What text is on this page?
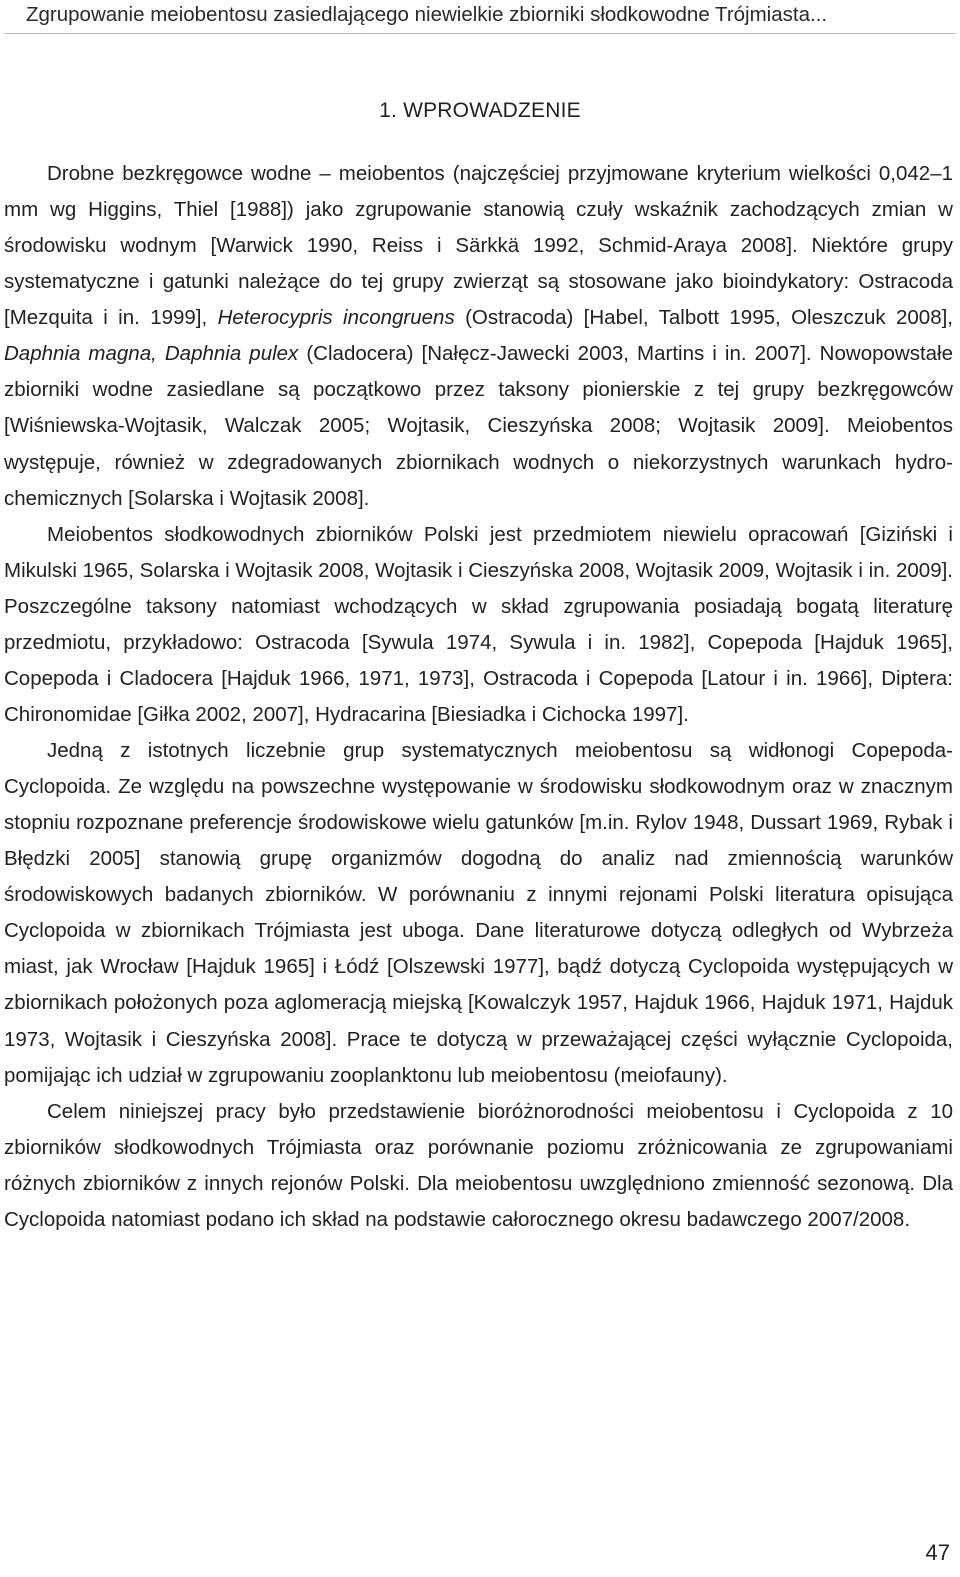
Zgrupowanie meiobentosu zasiedlającego niewielkie zbiorniki słodkowodne Trójmiasta...
1. WPROWADZENIE

Drobne bezkręgowce wodne – meiobentos (najczęściej przyjmowane kryterium wielkości 0,042–1 mm wg Higgins, Thiel [1988]) jako zgrupowanie stanowią czuły wskaźnik zachodzących zmian w środowisku wodnym [Warwick 1990, Reiss i Särkkä 1992, Schmid-Araya 2008]. Niektóre grupy systematyczne i gatunki należące do tej grupy zwierząt są stosowane jako bioindykatory: Ostracoda [Mezquita i in. 1999], Heterocypris incongruens (Ostracoda) [Habel, Talbott 1995, Oleszczuk 2008], Daphnia magna, Daphnia pulex (Cladocera) [Nałęcz-Jawecki 2003, Martins i in. 2007]. Nowopowstałe zbiorniki wodne zasiedlane są początkowo przez taksony pionierskie z tej grupy bezkręgowców [Wiśniewska-Wojtasik, Walczak 2005; Wojtasik, Cieszyńska 2008; Wojtasik 2009]. Meiobentos występuje, również w zdegradowanych zbiornikach wodnych o niekorzystnych warunkach hydro-chemicznych [Solarska i Wojtasik 2008].

Meiobentos słodkowodnych zbiorników Polski jest przedmiotem niewielu opracowań [Giziński i Mikulski 1965, Solarska i Wojtasik 2008, Wojtasik i Cieszyńska 2008, Wojtasik 2009, Wojtasik i in. 2009]. Poszczególne taksony natomiast wchodzących w skład zgrupowania posiadają bogatą literaturę przedmiotu, przykładowo: Ostracoda [Sywula 1974, Sywula i in. 1982], Copepoda [Hajduk 1965], Copepoda i Cladocera [Hajduk 1966, 1971, 1973], Ostracoda i Copepoda [Latour i in. 1966], Diptera: Chironomidae [Giłka 2002, 2007], Hydracarina [Biesiadka i Cichocka 1997].

Jedną z istotnych liczebnie grup systematycznych meiobentosu są widłonogi Copepoda-Cyclopoida. Ze względu na powszechne występowanie w środowisku słodkowodnym oraz w znacznym stopniu rozpoznane preferencje środowiskowe wielu gatunków [m.in. Rylov 1948, Dussart 1969, Rybak i Błędzki 2005] stanowią grupę organizmów dogodną do analiz nad zmiennością warunków środowiskowych badanych zbiorników. W porównaniu z innymi rejonami Polski literatura opisująca Cyclopoida w zbiornikach Trójmiasta jest uboga. Dane literaturowe dotyczą odległych od Wybrzeża miast, jak Wrocław [Hajduk 1965] i Łódź [Olszewski 1977], bądź dotyczą Cyclopoida występujących w zbiornikach położonych poza aglomeracją miejską [Kowalczyk 1957, Hajduk 1966, Hajduk 1971, Hajduk 1973, Wojtasik i Cieszyńska 2008]. Prace te dotyczą w przeważającej części wyłącznie Cyclopoida, pomijając ich udział w zgrupowaniu zooplanktonu lub meiobentosu (meiofauny).

Celem niniejszej pracy było przedstawienie bioróżnorodności meiobentosu i Cyclopoida z 10 zbiorników słodkowodnych Trójmiasta oraz porównanie poziomu zróżnicowania ze zgrupowaniami różnych zbiorników z innych rejonów Polski. Dla meiobentosu uwzględniono zmienność sezonową. Dla Cyclopoida natomiast podano ich skład na podstawie całorocznego okresu badawczego 2007/2008.

47
